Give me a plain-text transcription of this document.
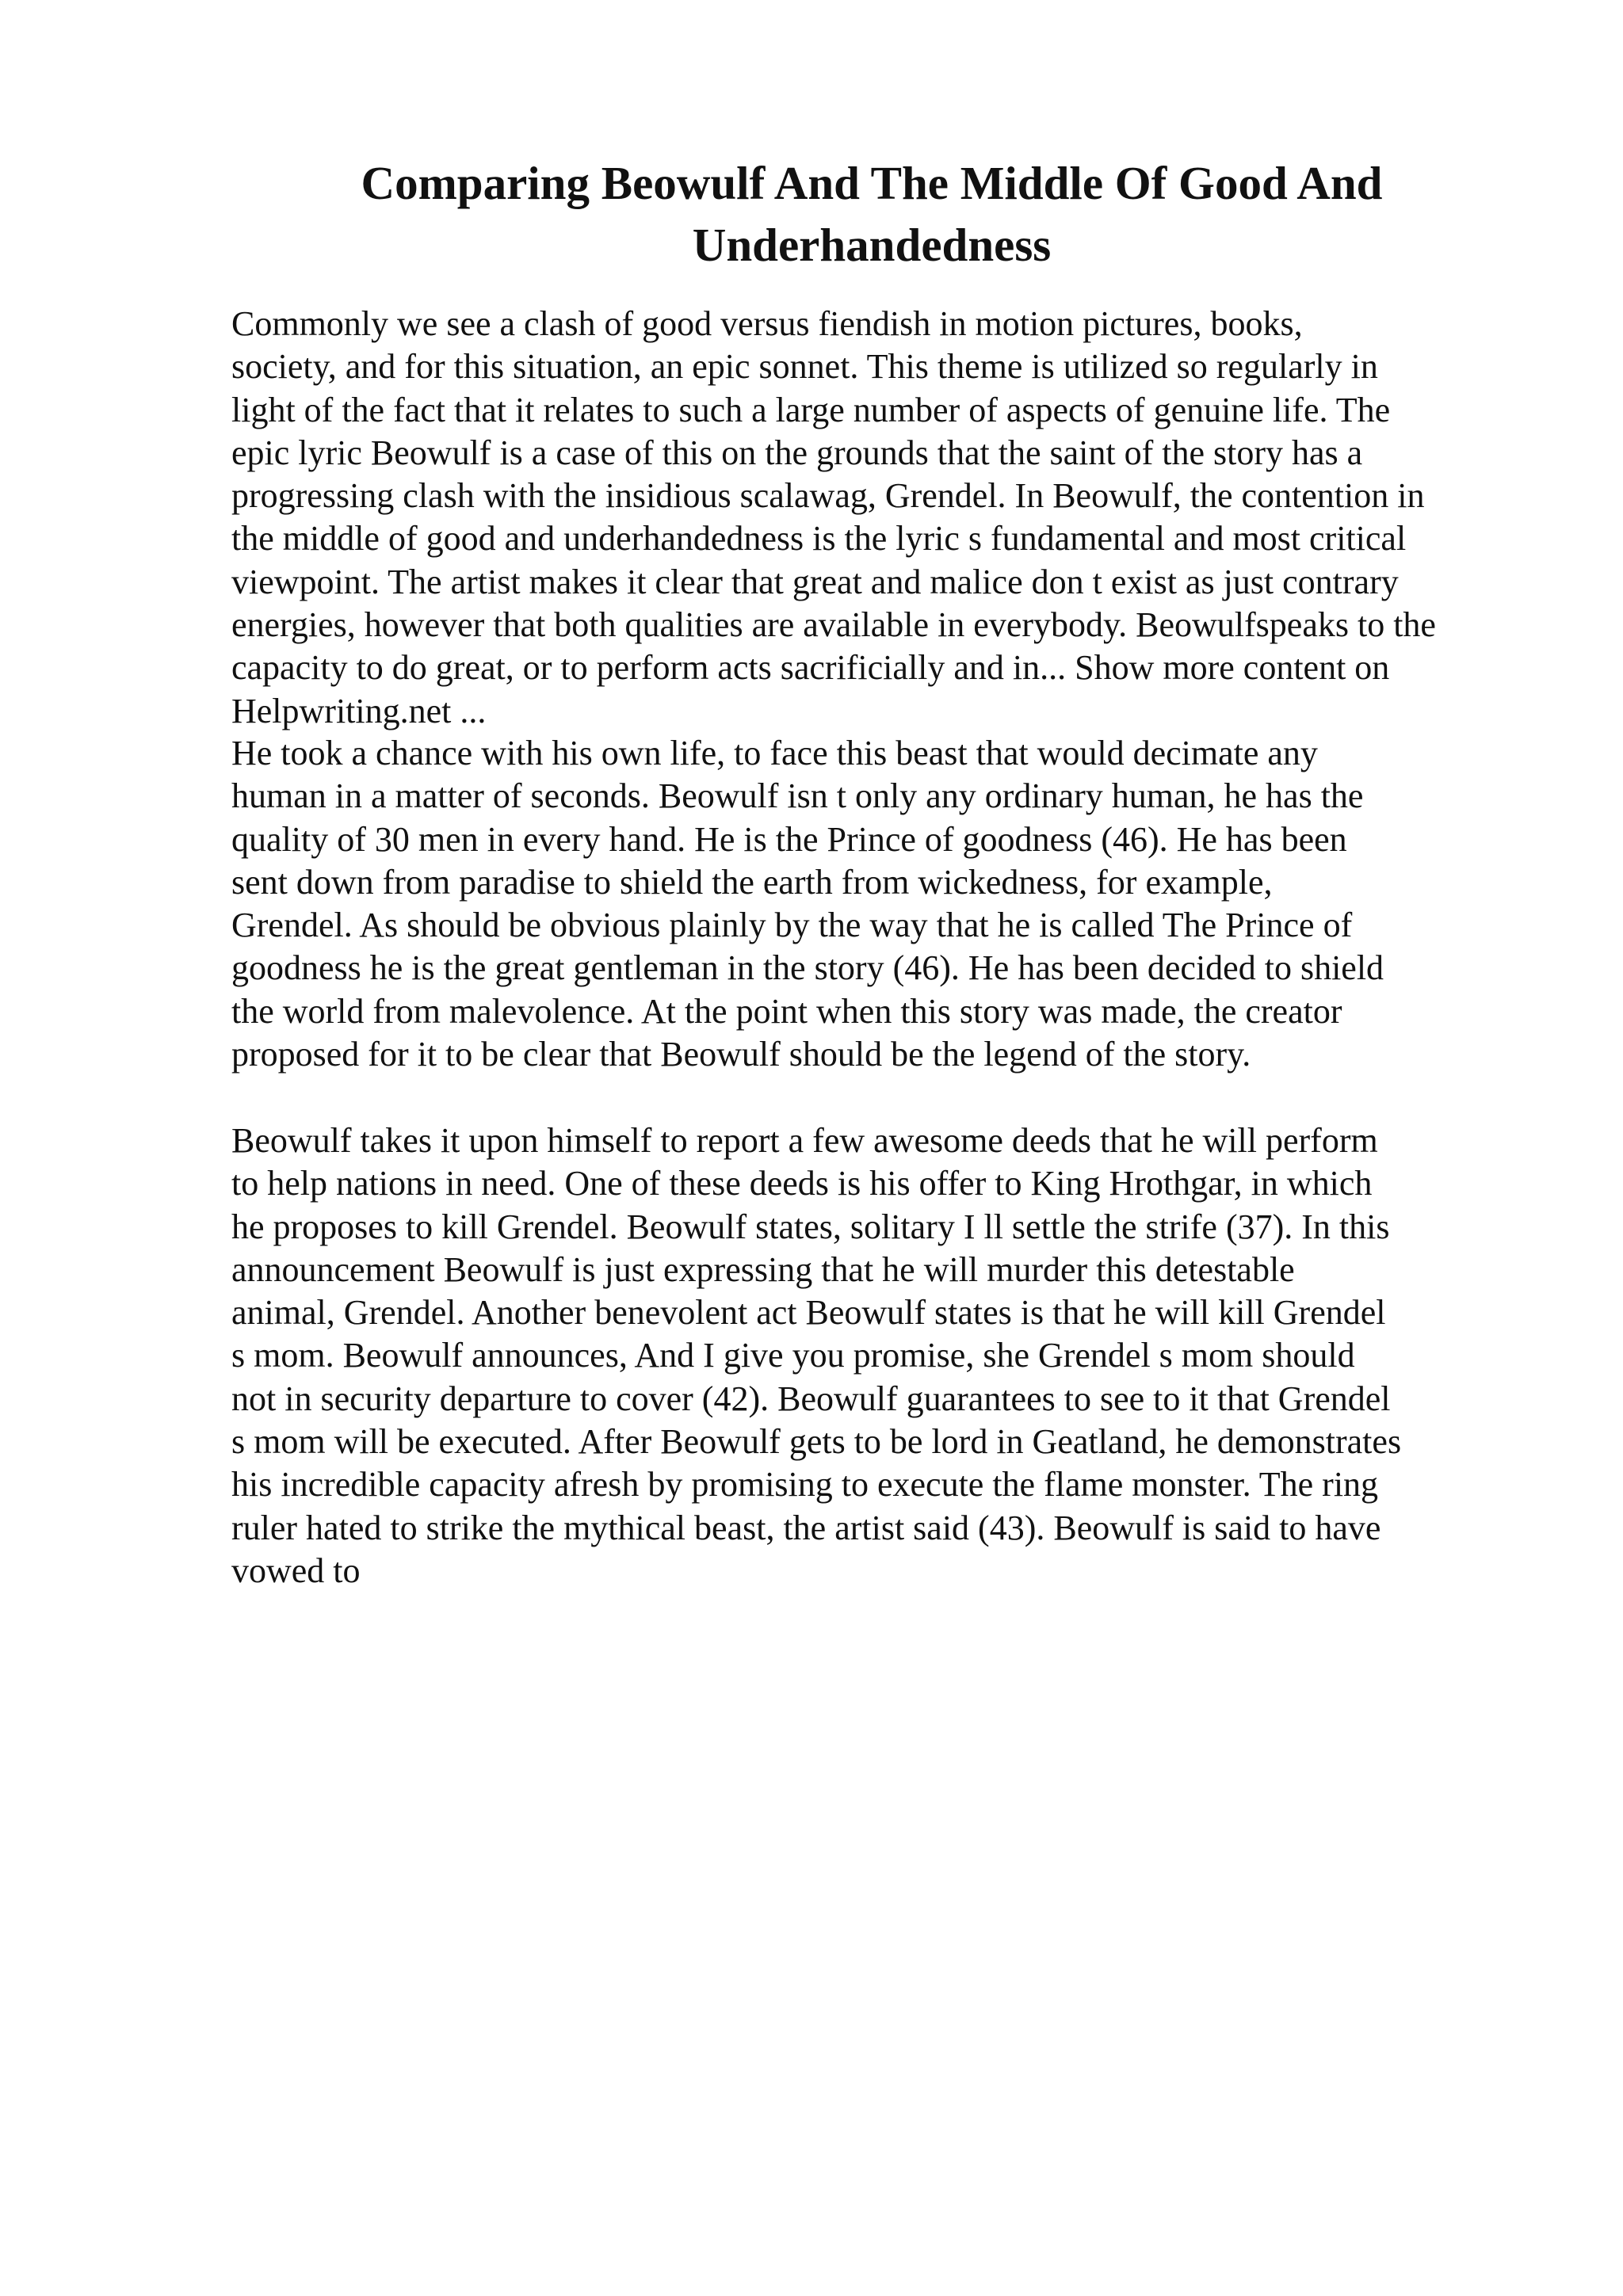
Comparing Beowulf And The Middle Of Good And
Underhandedness
Commonly we see a clash of good versus fiendish in motion pictures, books,
society, and for this situation, an epic sonnet. This theme is utilized so regularly in
light of the fact that it relates to such a large number of aspects of genuine life. The
epic lyric Beowulf is a case of this on the grounds that the saint of the story has a
progressing clash with the insidious scalawag, Grendel. In Beowulf, the contention in
the middle of good and underhandedness is the lyric s fundamental and most critical
viewpoint. The artist makes it clear that great and malice don t exist as just contrary
energies, however that both qualities are available in everybody. Beowulfspeaks to the
capacity to do great, or to perform acts sacrificially and in... Show more content on
Helpwriting.net ...
He took a chance with his own life, to face this beast that would decimate any
human in a matter of seconds. Beowulf isn t only any ordinary human, he has the
quality of 30 men in every hand. He is the Prince of goodness (46). He has been
sent down from paradise to shield the earth from wickedness, for example,
Grendel. As should be obvious plainly by the way that he is called The Prince of
goodness he is the great gentleman in the story (46). He has been decided to shield
the world from malevolence. At the point when this story was made, the creator
proposed for it to be clear that Beowulf should be the legend of the story.
Beowulf takes it upon himself to report a few awesome deeds that he will perform
to help nations in need. One of these deeds is his offer to King Hrothgar, in which
he proposes to kill Grendel. Beowulf states, solitary I ll settle the strife (37). In this
announcement Beowulf is just expressing that he will murder this detestable
animal, Grendel. Another benevolent act Beowulf states is that he will kill Grendel
s mom. Beowulf announces, And I give you promise, she Grendel s mom should
not in security departure to cover (42). Beowulf guarantees to see to it that Grendel
s mom will be executed. After Beowulf gets to be lord in Geatland, he demonstrates
his incredible capacity afresh by promising to execute the flame monster. The ring
ruler hated to strike the mythical beast, the artist said (43). Beowulf is said to have
vowed to
